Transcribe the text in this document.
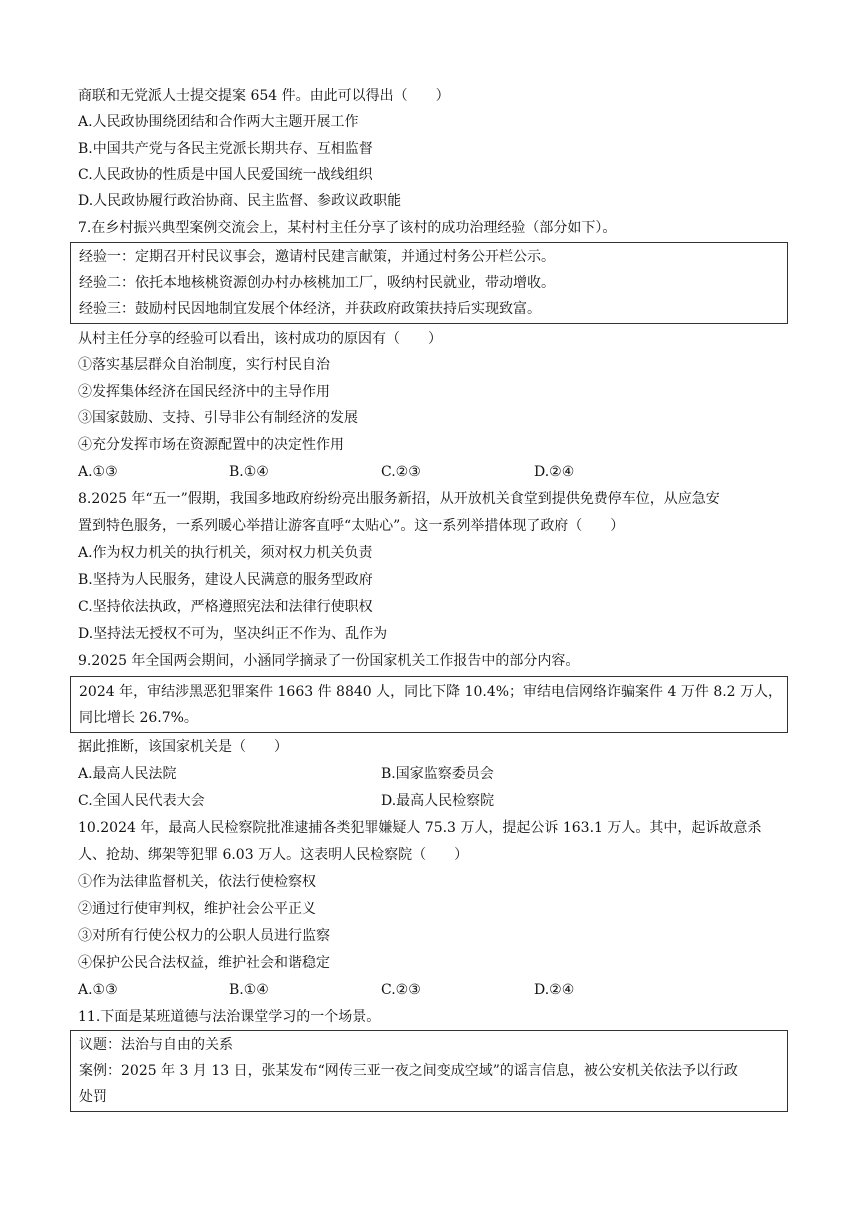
商联和无党派人士提交提案 654 件。由此可以得出（　　）
A.人民政协围绕团结和合作两大主题开展工作
B.中国共产党与各民主党派长期共存、互相监督
C.人民政协的性质是中国人民爱国统一战线组织
D.人民政协履行政治协商、民主监督、参政议政职能
7.在乡村振兴典型案例交流会上，某村村主任分享了该村的成功治理经验（部分如下）。
经验一：定期召开村民议事会，邀请村民建言献策，并通过村务公开栏公示。
经验二：依托本地核桃资源创办村办核桃加工厂，吸纳村民就业，带动增收。
经验三：鼓励村民因地制宜发展个体经济，并获政府政策扶持后实现致富。
从村主任分享的经验可以看出，该村成功的原因有（　　）
①落实基层群众自治制度，实行村民自治
②发挥集体经济在国民经济中的主导作用
③国家鼓励、支持、引导非公有制经济的发展
④充分发挥市场在资源配置中的决定性作用
A.①③	B.①④	C.②③	D.②④
8.2025 年“五一”假期，我国多地政府纷纷亮出服务新招，从开放机关食堂到提供免费停车位，从应急安
置到特色服务，一系列暖心举措让游客直呼“太贴心”。这一系列举措体现了政府（　　）
A.作为权力机关的执行机关，须对权力机关负责
B.坚持为人民服务，建设人民满意的服务型政府
C.坚持依法执政，严格遵照宪法和法律行使职权
D.坚持法无授权不可为，坚决纠正不作为、乱作为
9.2025 年全国两会期间，小涵同学摘录了一份国家机关工作报告中的部分内容。
2024 年，审结涉黑恶犯罪案件 1663 件 8840 人，同比下降 10.4%；审结电信网络诈骗案件 4 万件 8.2 万人，
同比增长 26.7%。
据此推断，该国家机关是（　　）
A.最高人民法院	B.国家监察委员会
C.全国人民代表大会	D.最高人民检察院
10.2024 年，最高人民检察院批准逮捕各类犯罪嫌疑人 75.3 万人，提起公诉 163.1 万人。其中，起诉故意杀
人、抢劫、绑架等犯罪 6.03 万人。这表明人民检察院（　　）
①作为法律监督机关，依法行使检察权
②通过行使审判权，维护社会公平正义
③对所有行使公权力的公职人员进行监察
④保护公民合法权益，维护社会和谐稳定
A.①③	B.①④	C.②③	D.②④
11.下面是某班道德与法治课堂学习的一个场景。
议题：法治与自由的关系
案例：2025 年 3 月 13 日，张某发布“网传三亚一夜之间变成空域”的谣言信息，被公安机关依法予以行政
处罚
